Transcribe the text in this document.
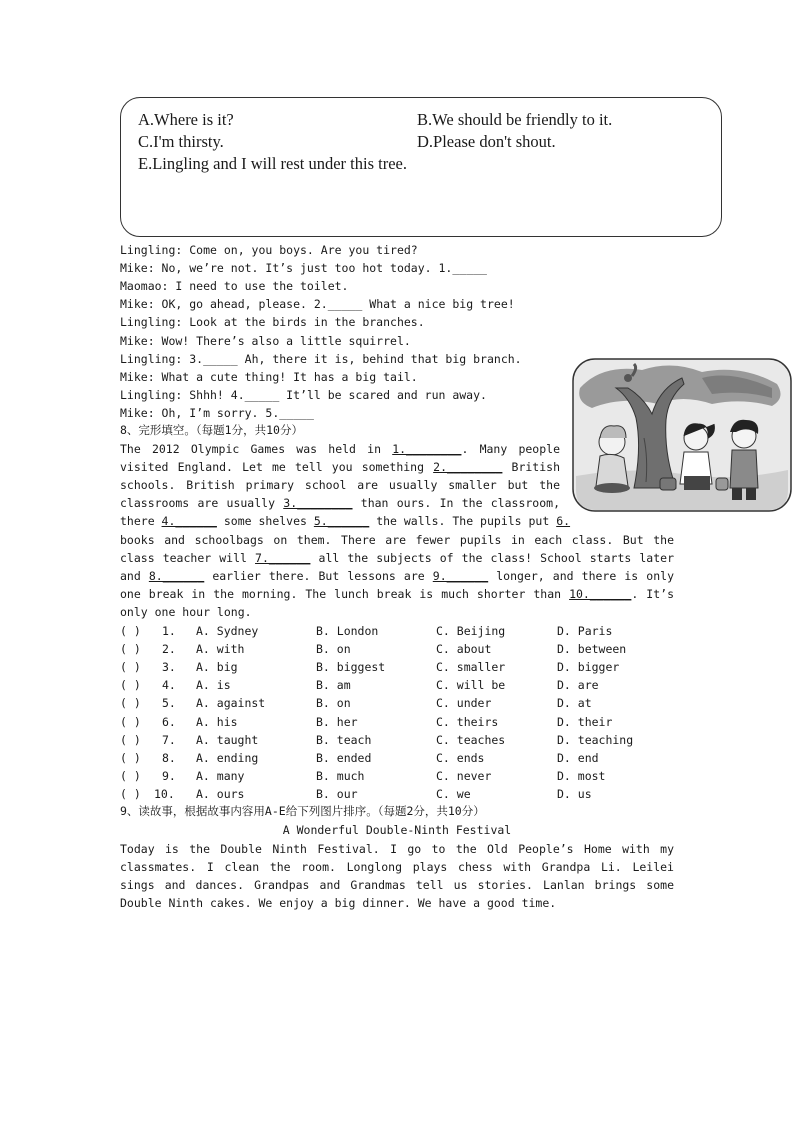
A.Where is it?	B.We should be friendly to it.
C.I'm thirsty.	D.Please don't shout.
E.Lingling and I will rest under this tree.
Lingling: Come on, you boys. Are you tired?
Mike: No, we’re not. It’s just too hot today. 1._____
Maomao: I need to use the toilet.
Mike: OK, go ahead, please. 2._____ What a nice big tree!
Lingling: Look at the birds in the branches.
Mike: Wow! There’s also a little squirrel.
Lingling: 3._____ Ah, there it is, behind that big branch.
Mike: What a cute thing! It has a big tail.
Lingling: Shhh! 4._____ It’ll be scared and run away.
Mike: Oh, I’m sorry. 5._____
8、完形填空。（每题1分，共10分）
The 2012 Olympic Games was held in 1.________. Many people
visited England. Let me tell you something 2.________ British
schools. British primary school are usually smaller but the
classrooms are usually 3.________ than ours. In the classroom,
there 4.______ some shelves 5.______ the walls. The pupils put 6.
books and schoolbags on them. There are fewer pupils in each class. But the
class teacher will 7.______ all the subjects of the class! School starts later
and 8.______ earlier there. But lessons are 9.______ longer, and there is only
one break in the morning. The lunch break is much shorter than 10.______. It’s
only one hour long.
( ) 1. A. Sydney	B. London	C. Beijing	D. Paris
( ) 2. A. with	B. on	C. about	D. between
( ) 3. A. big	B. biggest	C. smaller	D. bigger
( ) 4. A. is	B. am	C. will be	D. are
( ) 5. A. against	B. on	C. under	D. at
( ) 6. A. his	B. her	C. theirs	D. their
( ) 7. A. taught	B. teach	C. teaches	D. teaching
( ) 8. A. ending	B. ended	C. ends	D. end
( ) 9. A. many	B. much	C. never	D. most
( ) 10. A. ours	B. our	C. we	D. us
9、读故事，根据故事内容用A-E给下列图片排序。（每题2分，共10分）
A Wonderful Double-Ninth Festival
Today is the Double Ninth Festival. I go to the Old People’s Home with my
classmates. I clean the room. Longlong plays chess with Grandpa Li. Leilei
sings and dances. Grandpas and Grandmas tell us stories. Lanlan brings some
Double Ninth cakes. We enjoy a big dinner. We have a good time.
